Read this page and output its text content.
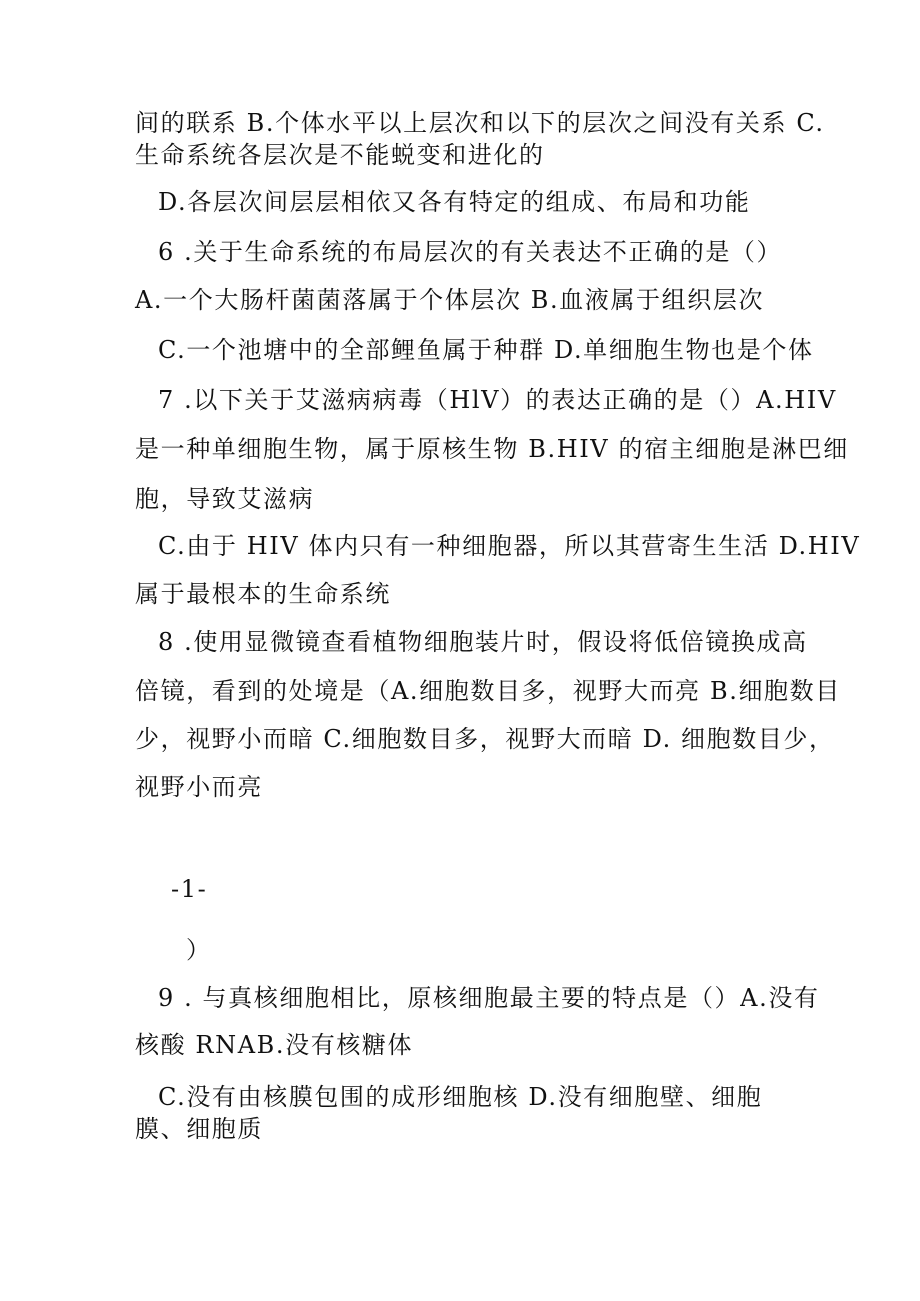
间的联系 B.个体水平以上层次和以下的层次之间没有关系 C.
生命系统各层次是不能蜕变和进化的
D.各层次间层层相依又各有特定的组成、布局和功能
6 .关于生命系统的布局层次的有关表达不正确的是（）
A.一个大肠杆菌菌落属于个体层次 B.血液属于组织层次
C.一个池塘中的全部鲤鱼属于种群 D.单细胞生物也是个体
7 .以下关于艾滋病病毒（HlV）的表达正确的是（）A.HIV
是一种单细胞生物，属于原核生物 B.HIV 的宿主细胞是淋巴细
胞，导致艾滋病
C.由于 HIV 体内只有一种细胞器，所以其营寄生生活 D.HIV
属于最根本的生命系统
8 .使用显微镜查看植物细胞装片时，假设将低倍镜换成高
倍镜，看到的处境是（A.细胞数目多，视野大而亮 B.细胞数目
少，视野小而暗 C.细胞数目多，视野大而暗 D. 细胞数目少，
视野小而亮
-1-
）
9 . 与真核细胞相比，原核细胞最主要的特点是（）A.没有
核酸 RNAB.没有核糖体
C.没有由核膜包围的成形细胞核 D.没有细胞壁、细胞
膜、细胞质
